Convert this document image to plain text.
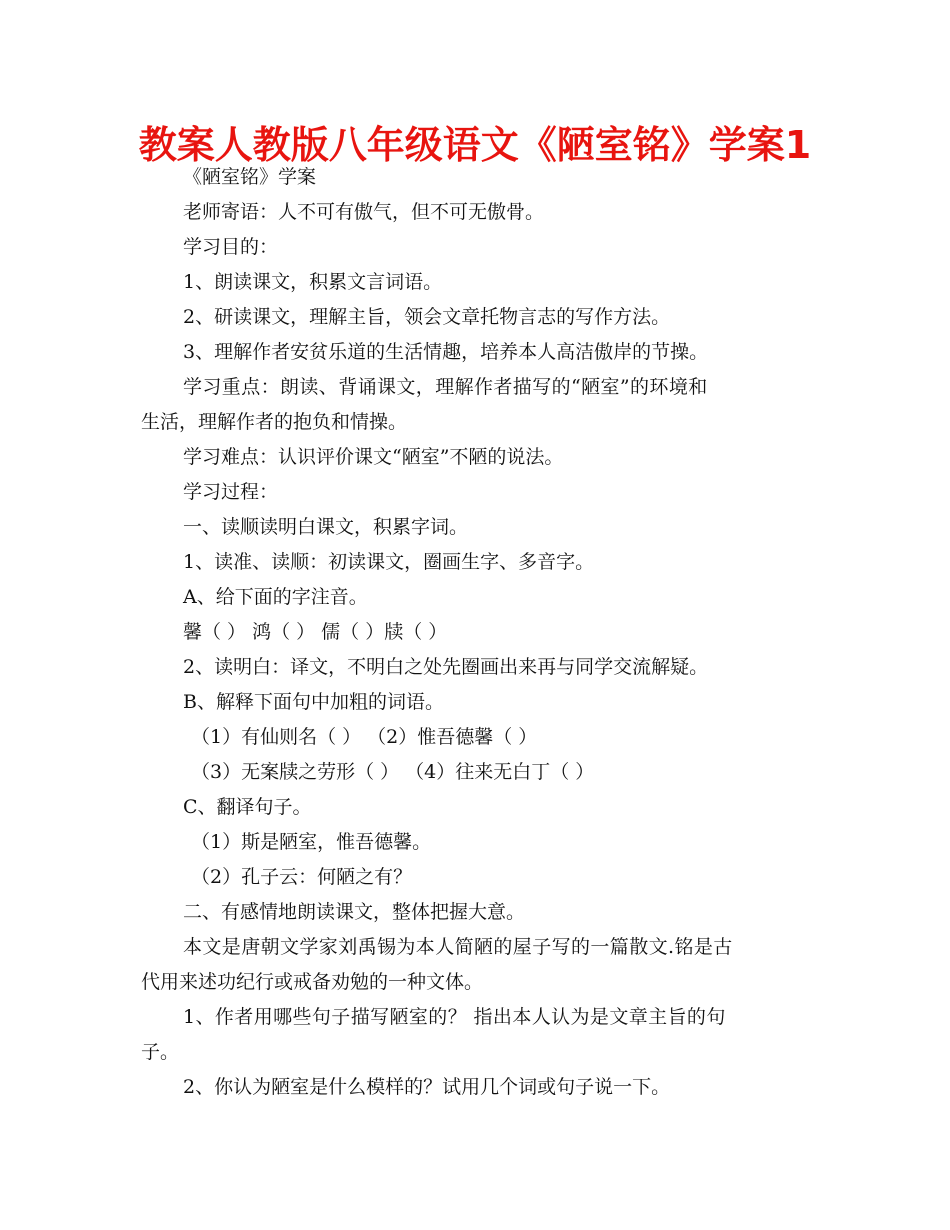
教案人教版八年级语文《陋室铭》学案1
《陋室铭》学案
老师寄语：人不可有傲气，但不可无傲骨。
学习目的：
1、朗读课文，积累文言词语。
2、研读课文，理解主旨，领会文章托物言志的写作方法。
3、理解作者安贫乐道的生活情趣，培养本人高洁傲岸的节操。
学习重点：朗读、背诵课文，理解作者描写的“陋室”的环境和
生活，理解作者的抱负和情操。
学习难点：认识评价课文“陋室”不陋的说法。
学习过程：
一、读顺读明白课文，积累字词。
1、读准、读顺：初读课文，圈画生字、多音字。
A、给下面的字注音。
馨（ ） 鸿（ ） 儒（ ）牍（ ）
2、读明白：译文，不明白之处先圈画出来再与同学交流解疑。
B、解释下面句中加粗的词语。
（1）有仙则名（ ） （2）惟吾德馨（ ）
（3）无案牍之劳形（ ） （4）往来无白丁（ ）
C、翻译句子。
（1）斯是陋室，惟吾德馨。
（2）孔子云：何陋之有？
二、有感情地朗读课文，整体把握大意。
本文是唐朝文学家刘禹锡为本人简陋的屋子写的一篇散文.铭是古
代用来述功纪行或戒备劝勉的一种文体。
1、作者用哪些句子描写陋室的？ 指出本人认为是文章主旨的句
子。
2、你认为陋室是什么模样的？试用几个词或句子说一下。
